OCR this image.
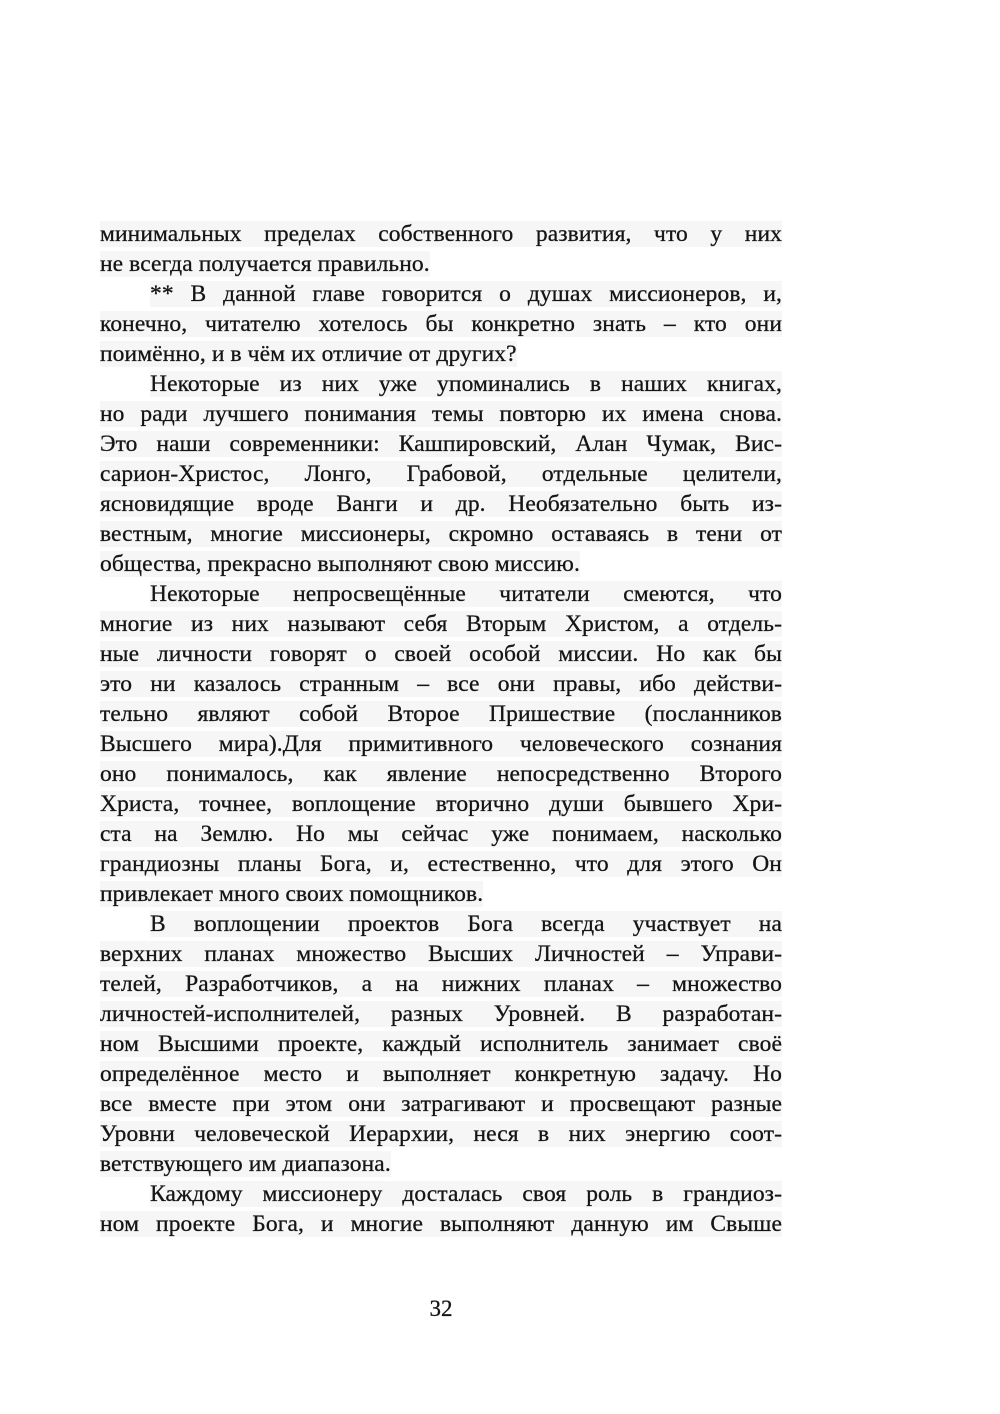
минимальных пределах собственного развития, что у них
не всегда получается правильно.
** В данной главе говорится о душах миссионеров, и,
конечно, читателю хотелось бы конкретно знать – кто они
поимённо, и в чём их отличие от других?
Некоторые из них уже упоминались в наших книгах,
но ради лучшего понимания темы повторю их имена снова.
Это наши современники: Кашпировский, Алан Чумак, Вис-
сарион-Христос, Лонго, Грабовой, отдельные целители,
ясновидящие вроде Ванги и др. Необязательно быть из-
вестным, многие миссионеры, скромно оставаясь в тени от
общества, прекрасно выполняют свою миссию.
Некоторые непросвещённые читатели смеются, что
многие из них называют себя Вторым Христом, а отдель-
ные личности говорят о своей особой миссии. Но как бы
это ни казалось странным – все они правы, ибо действи-
тельно являют собой Второе Пришествие (посланников
Высшего мира).Для примитивного человеческого сознания
оно понималось, как явление непосредственно Второго
Христа, точнее, воплощение вторично души бывшего Хри-
ста на Землю. Но мы сейчас уже понимаем, насколько
грандиозны планы Бога, и, естественно, что для этого Он
привлекает много своих помощников.
В воплощении проектов Бога всегда участвует на
верхних планах множество Высших Личностей – Управи-
телей, Разработчиков, а на нижних планах – множество
личностей-исполнителей, разных Уровней. В разработан-
ном Высшими проекте, каждый исполнитель занимает своё
определённое место и выполняет конкретную задачу. Но
все вместе при этом они затрагивают и просвещают разные
Уровни человеческой Иерархии, неся в них энергию соот-
ветствующего им диапазона.
Каждому миссионеру досталась своя роль в грандиоз-
ном проекте Бога, и многие выполняют данную им Свыше
32
